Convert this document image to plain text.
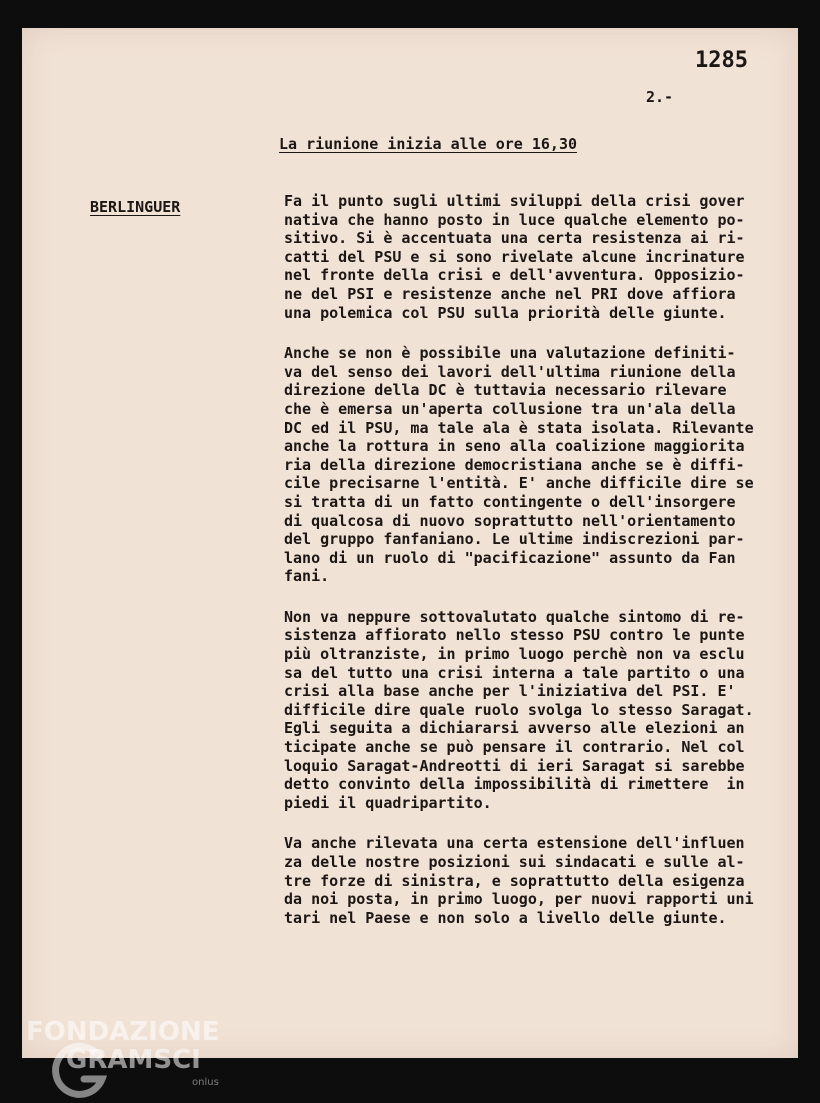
1285
2.-
La riunione inizia alle ore 16,30
BERLINGUER	Fa il punto sugli ultimi sviluppi della crisi gover
nativa che hanno posto in luce qualche elemento po-
sitivo. Si è accentuata una certa resistenza ai ri-
catti del PSU e si sono rivelate alcune incrinature
nel fronte della crisi e dell'avventura. Opposizio-
ne del PSI e resistenze anche nel PRI dove affiora
una polemica col PSU sulla priorità delle giunte.
Anche se non è possibile una valutazione definiti-
va del senso dei lavori dell'ultima riunione della
direzione della DC è tuttavia necessario rilevare
che è emersa un'aperta collusione tra un'ala della
DC ed il PSU, ma tale ala è stata isolata. Rilevante
anche la rottura in seno alla coalizione maggiorita
ria della direzione democristiana anche se è diffi-
cile precisarne l'entità. E' anche difficile dire se
si tratta di un fatto contingente o dell'insorgere
di qualcosa di nuovo soprattutto nell'orientamento
del gruppo fanfaniano. Le ultime indiscrezioni par-
lano di un ruolo di "pacificazione" assunto da Fan
fani.
Non va neppure sottovalutato qualche sintomo di re-
sistenza affiorato nello stesso PSU contro le punte
più oltranziste, in primo luogo perchè non va esclu
sa del tutto una crisi interna a tale partito o una
crisi alla base anche per l'iniziativa del PSI. E'
difficile dire quale ruolo svolga lo stesso Saragat.
Egli seguita a dichiararsi avverso alle elezioni an
ticipate anche se può pensare il contrario. Nel col
loquio Saragat-Andreotti di ieri Saragat si sarebbe
detto convinto della impossibilità di rimettere  in
piedi il quadripartito.
Va anche rilevata una certa estensione dell'influen
za delle nostre posizioni sui sindacati e sulle al-
tre forze di sinistra, e soprattutto della esigenza
da noi posta, in primo luogo, per nuovi rapporti uni
tari nel Paese e non solo a livello delle giunte.
FONDAZIONE
GRAMSCI
onlus
